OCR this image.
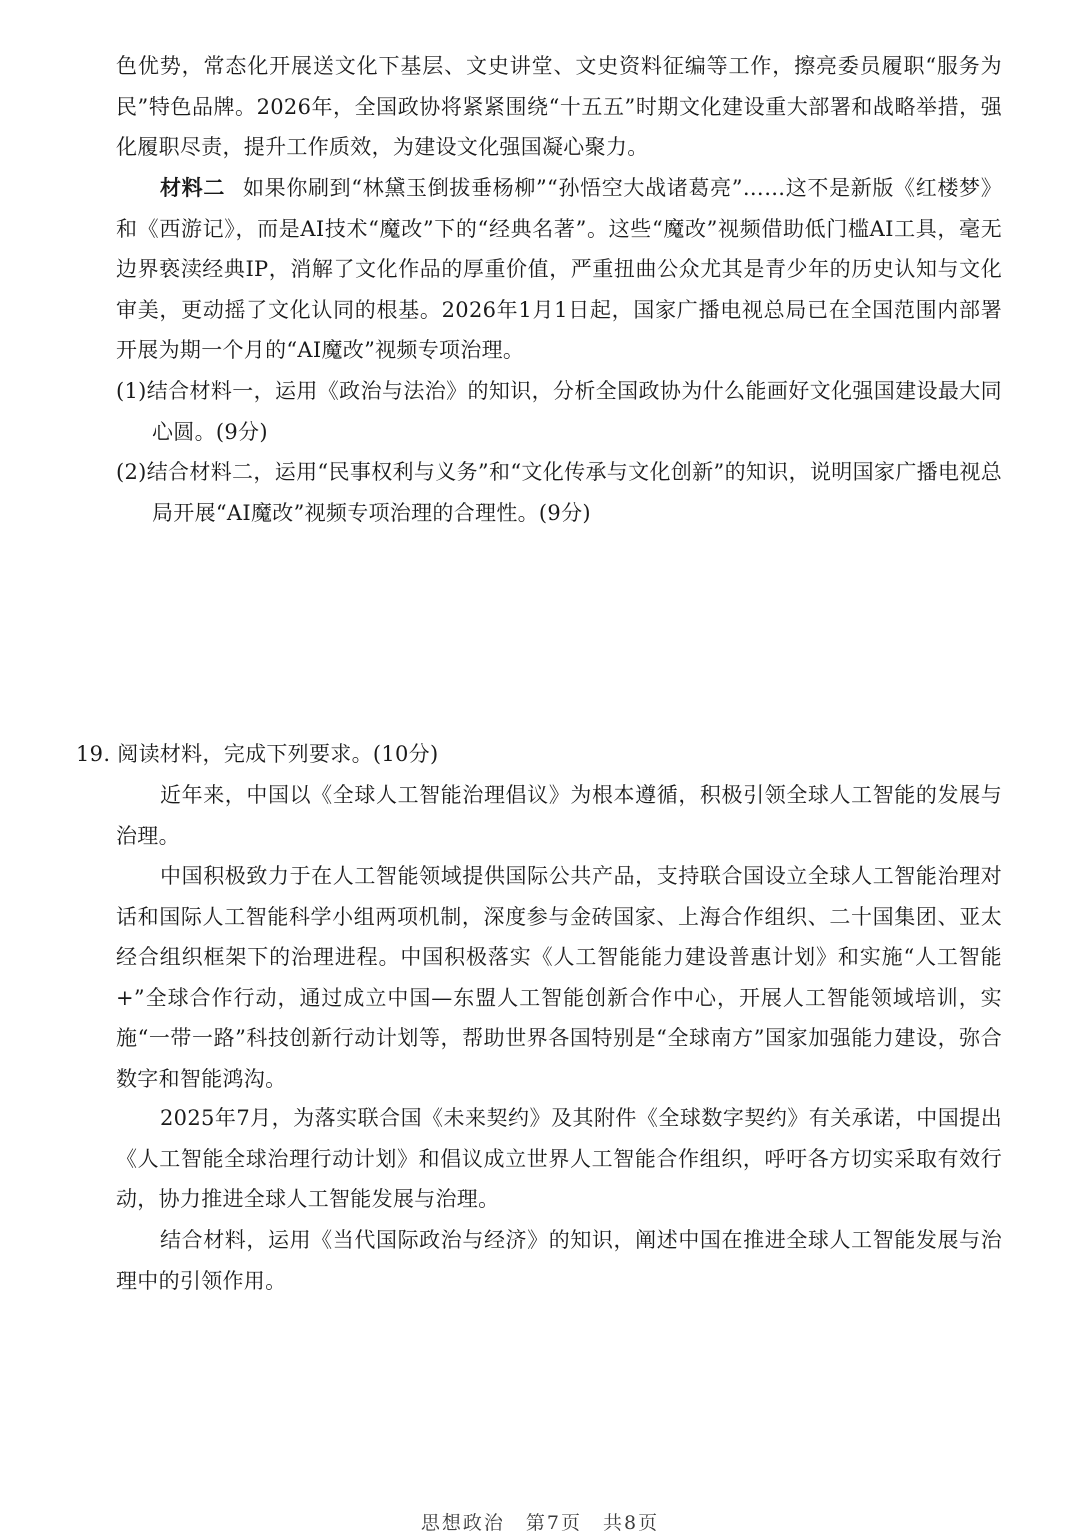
色优势，常态化开展送文化下基层、文史讲堂、文史资料征编等工作，擦亮委员履职“服务为民”特色品牌。2026年，全国政协将紧紧围绕“十五五”时期文化建设重大部署和战略举措，强化履职尽责，提升工作质效，为建设文化强国凝心聚力。

材料二 如果你刷到“林黛玉倒拔垂杨柳”“孙悟空大战诸葛亮”……这不是新版《红楼梦》和《西游记》，而是AI技术“魔改”下的“经典名著”。这些“魔改”视频借助低门槛AI工具，毫无边界亵渎经典IP，消解了文化作品的厚重价值，严重扭曲公众尤其是青少年的历史认知与文化审美，更动摇了文化认同的根基。2026年1月1日起，国家广播电视总局已在全国范围内部署开展为期一个月的“AI魔改”视频专项治理。

(1)结合材料一，运用《政治与法治》的知识，分析全国政协为什么能画好文化强国建设最大同心圆。(9分)

(2)结合材料二，运用“民事权利与义务”和“文化传承与文化创新”的知识，说明国家广播电视总局开展“AI魔改”视频专项治理的合理性。(9分)

19. 阅读材料，完成下列要求。(10分)

近年来，中国以《全球人工智能治理倡议》为根本遵循，积极引领全球人工智能的发展与治理。

中国积极致力于在人工智能领域提供国际公共产品，支持联合国设立全球人工智能治理对话和国际人工智能科学小组两项机制，深度参与金砖国家、上海合作组织、二十国集团、亚太经合组织框架下的治理进程。中国积极落实《人工智能能力建设普惠计划》和实施“人工智能+”全球合作行动，通过成立中国—东盟人工智能创新合作中心，开展人工智能领域培训，实施“一带一路”科技创新行动计划等，帮助世界各国特别是“全球南方”国家加强能力建设，弥合数字和智能鸿沟。

2025年7月，为落实联合国《未来契约》及其附件《全球数字契约》有关承诺，中国提出《人工智能全球治理行动计划》和倡议成立世界人工智能合作组织，呼吁各方切实采取有效行动，协力推进全球人工智能发展与治理。

结合材料，运用《当代国际政治与经济》的知识，阐述中国在推进全球人工智能发展与治理中的引领作用。

思想政治　第7页　共8页
